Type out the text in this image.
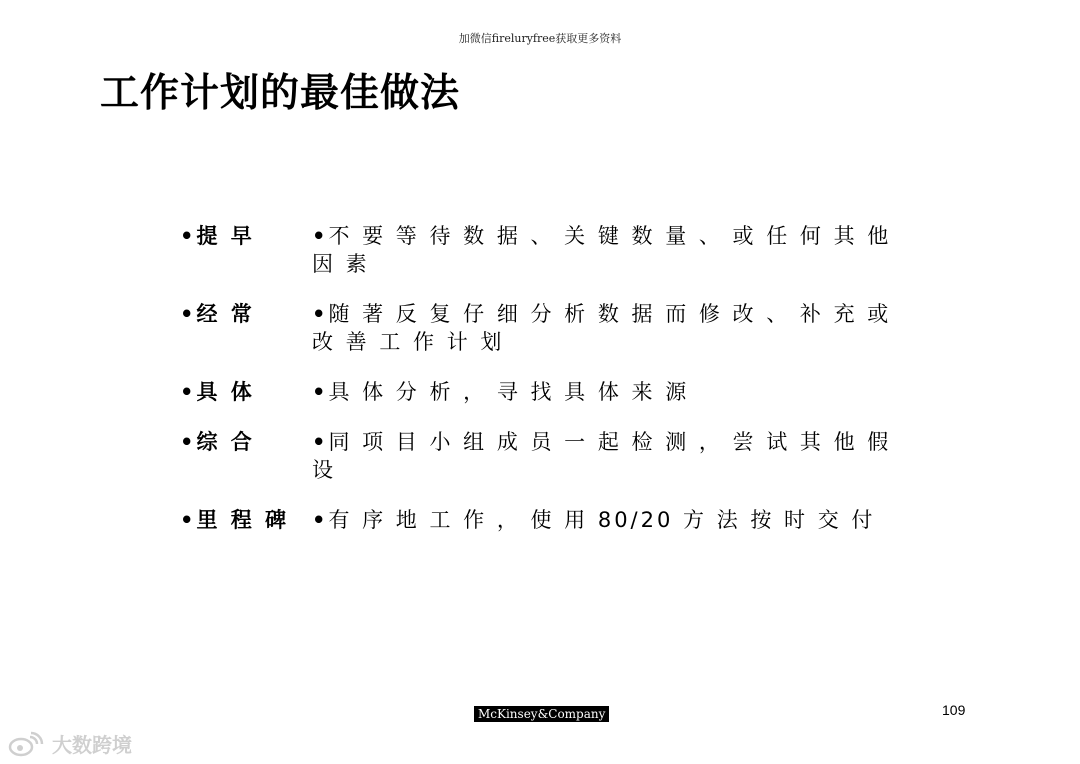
加微信fireluryfree获取更多资料
工作计划的最佳做法
•提 早	•不 要 等 待 数 据 、 关 键 数 量 、 或 任 何 其 他 因 素
•经 常	•随 著 反 复 仔 细 分 析 数 据 而 修 改 、 补 充 或 改 善 工 作 计 划
•具 体	•具 体 分 析 ， 寻 找 具 体 来 源
•综 合	•同 项 目 小 组 成 员 一 起 检 测 ， 尝 试 其 他 假 设
•里 程 碑	•有 序 地 工 作 ， 使 用 80/20 方 法 按 时 交 付
McKinsey&Company	109
大数跨境
